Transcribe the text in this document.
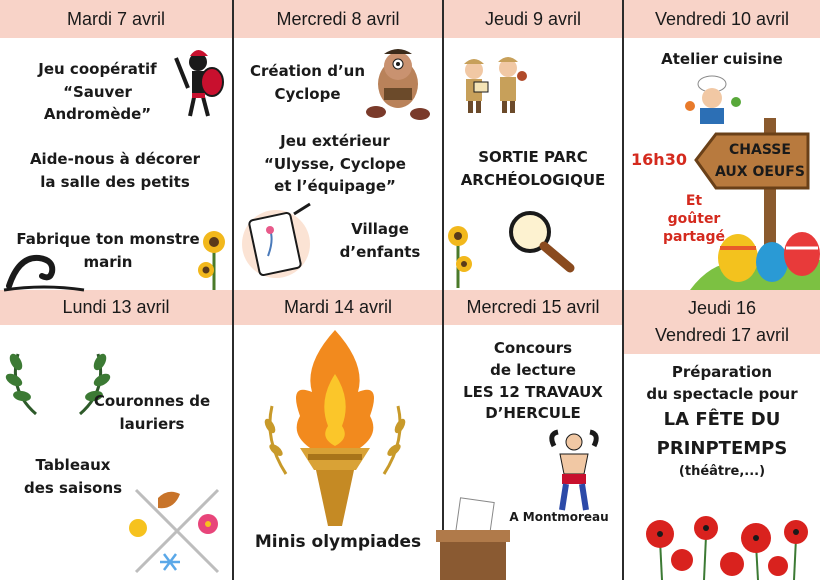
Mardi 7 avril	Mercredi 8 avril	Jeudi 9 avril	Vendredi 10 avril
Lundi 13 avril	Mardi 14 avril	Mercredi 15 avril	Jeudi 16
Vendredi 17 avril
Jeu coopératif
“Sauver
Andromède”
Aide-nous à décorer
la salle des petits
Fabrique ton monstre
marin
Création d’un
Cyclope
Jeu extérieur
“Ulysse, Cyclope
et l’équipage”
Village
d’enfants
SORTIE PARC
ARCHÉOLOGIQUE
Atelier cuisine
16h30	CHASSE
AUX OEUFS
Et
goûter
partagé
Couronnes de
lauriers
Tableaux
des saisons
Minis olympiades
Concours
de lecture
LES 12 TRAVAUX
D’HERCULE
A Montmoreau
Préparation
du spectacle pour
LA FÊTE DU
PRINPTEMPS
(théâtre,...)
